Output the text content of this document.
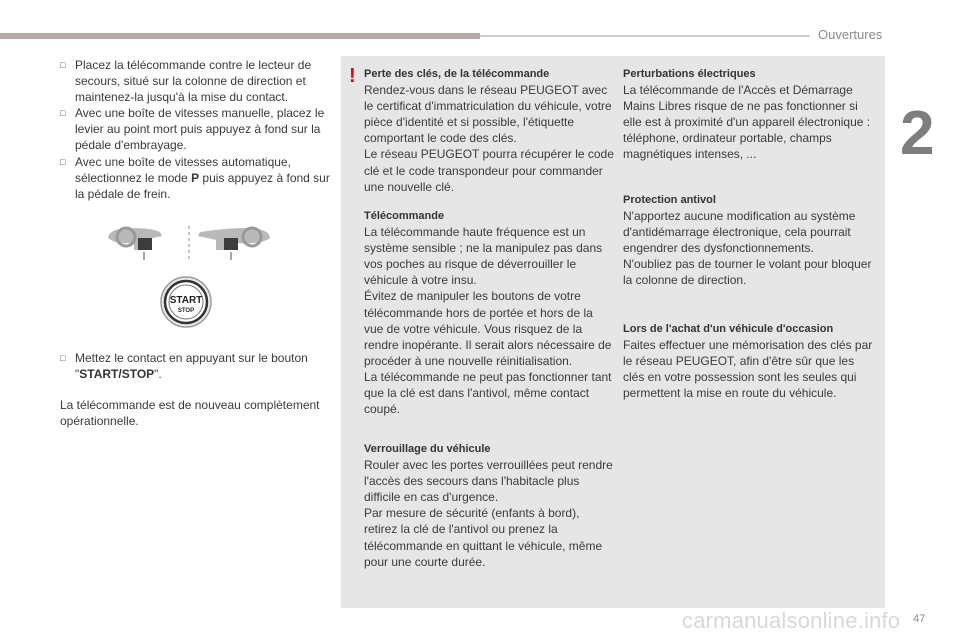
Ouvertures
2
47
carmanualsonline.info
□ Placez la télécommande contre le lecteur de secours, situé sur la colonne de direction et maintenez-la jusqu'à la mise du contact.
□ Avec une boîte de vitesses manuelle, placez le levier au point mort puis appuyez à fond sur la pédale d'embrayage.
□ Avec une boîte de vitesses automatique, sélectionnez le mode P puis appuyez à fond sur la pédale de frein.
START
STOP
□ Mettez le contact en appuyant sur le bouton "START/STOP".
La télécommande est de nouveau complètement opérationnelle.
! Perte des clés, de la télécommande

Rendez-vous dans le réseau PEUGEOT avec le certificat d'immatriculation du véhicule, votre pièce d'identité et si possible, l'étiquette comportant le code des clés.
Le réseau PEUGEOT pourra récupérer le code clé et le code transpondeur pour commander une nouvelle clé.

Télécommande

La télécommande haute fréquence est un système sensible ; ne la manipulez pas dans vos poches au risque de déverrouiller le véhicule à votre insu.
Évitez de manipuler les boutons de votre télécommande hors de portée et hors de la vue de votre véhicule. Vous risquez de la rendre inopérante. Il serait alors nécessaire de procéder à une nouvelle réinitialisation.
La télécommande ne peut pas fonctionner tant que la clé est dans l'antivol, même contact coupé.

Verrouillage du véhicule

Rouler avec les portes verrouillées peut rendre l'accès des secours dans l'habitacle plus difficile en cas d'urgence.
Par mesure de sécurité (enfants à bord), retirez la clé de l'antivol ou prenez la télécommande en quittant le véhicule, même pour une courte durée.

Perturbations électriques

La télécommande de l'Accès et Démarrage Mains Libres risque de ne pas fonctionner si elle est à proximité d'un appareil électronique : téléphone, ordinateur portable, champs magnétiques intenses, ...

Protection antivol

N'apportez aucune modification au système d'antidémarrage électronique, cela pourrait engendrer des dysfonctionnements.
N'oubliez pas de tourner le volant pour bloquer la colonne de direction.

Lors de l'achat d'un véhicule d'occasion

Faites effectuer une mémorisation des clés par le réseau PEUGEOT, afin d'être sûr que les clés en votre possession sont les seules qui permettent la mise en route du véhicule.
